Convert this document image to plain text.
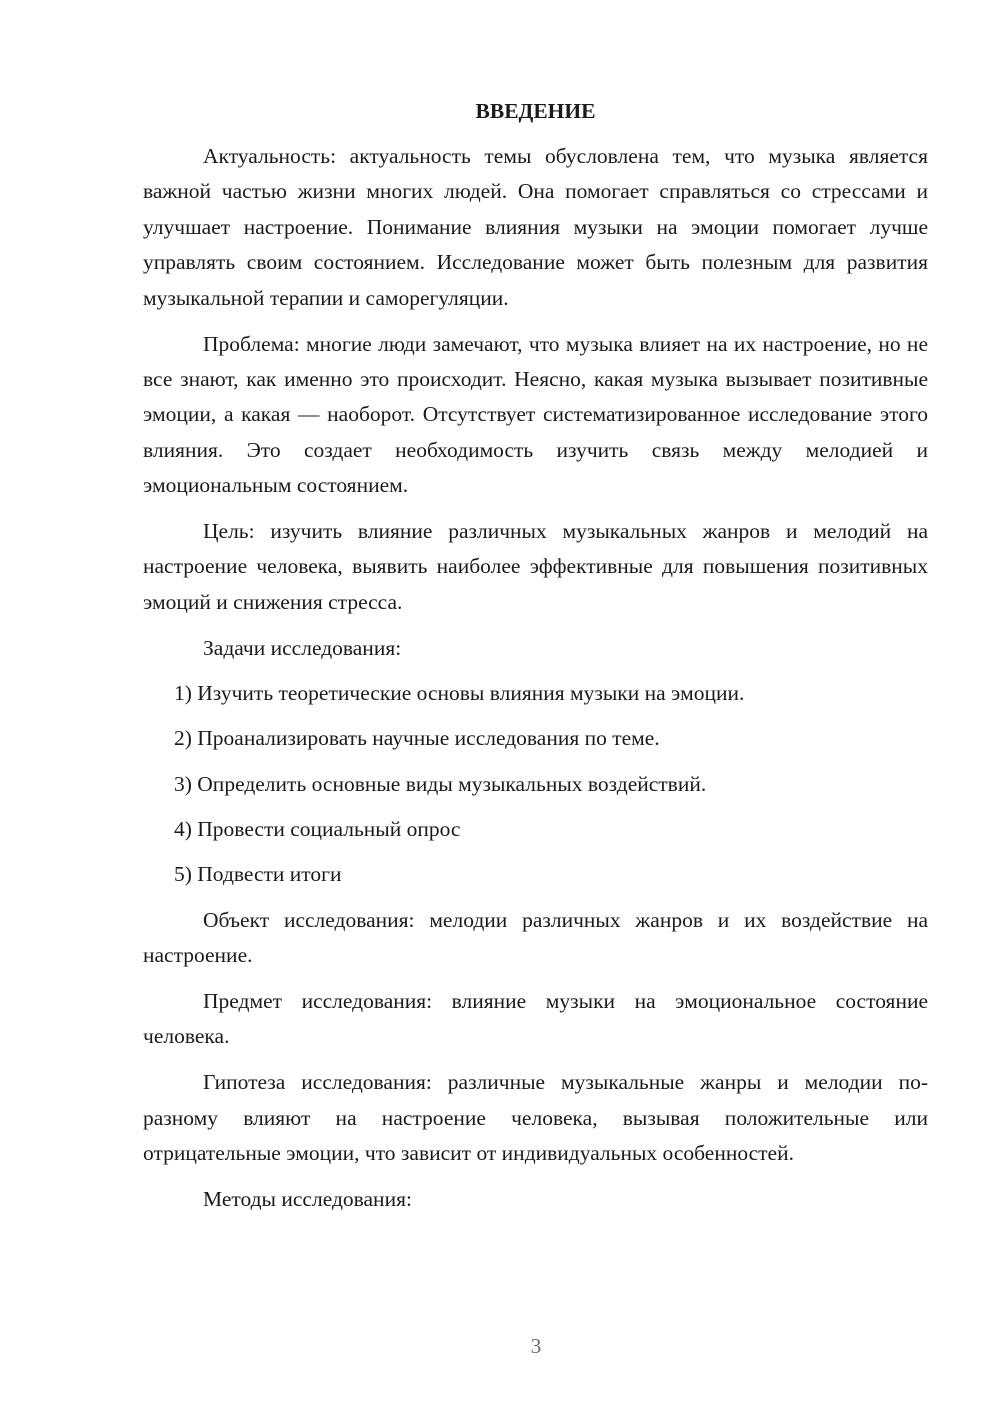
ВВЕДЕНИЕ

Актуальность: актуальность темы обусловлена тем, что музыка является важной частью жизни многих людей. Она помогает справляться со стрессами и улучшает настроение. Понимание влияния музыки на эмоции помогает лучше управлять своим состоянием. Исследование может быть полезным для развития музыкальной терапии и саморегуляции.

Проблема: многие люди замечают, что музыка влияет на их настроение, но не все знают, как именно это происходит. Неясно, какая музыка вызывает позитивные эмоции, а какая — наоборот. Отсутствует систематизированное исследование этого влияния. Это создает необходимость изучить связь между мелодией и эмоциональным состоянием.

Цель: изучить влияние различных музыкальных жанров и мелодий на настроение человека, выявить наиболее эффективные для повышения позитивных эмоций и снижения стресса.

Задачи исследования:

1) Изучить теоретические основы влияния музыки на эмоции.
2) Проанализировать научные исследования по теме.
3) Определить основные виды музыкальных воздействий.
4) Провести социальный опрос
5) Подвести итоги

Объект исследования: мелодии различных жанров и их воздействие на настроение.

Предмет исследования: влияние музыки на эмоциональное состояние человека.

Гипотеза исследования: различные музыкальные жанры и мелодии по-разному влияют на настроение человека, вызывая положительные или отрицательные эмоции, что зависит от индивидуальных особенностей.

Методы исследования:

3
